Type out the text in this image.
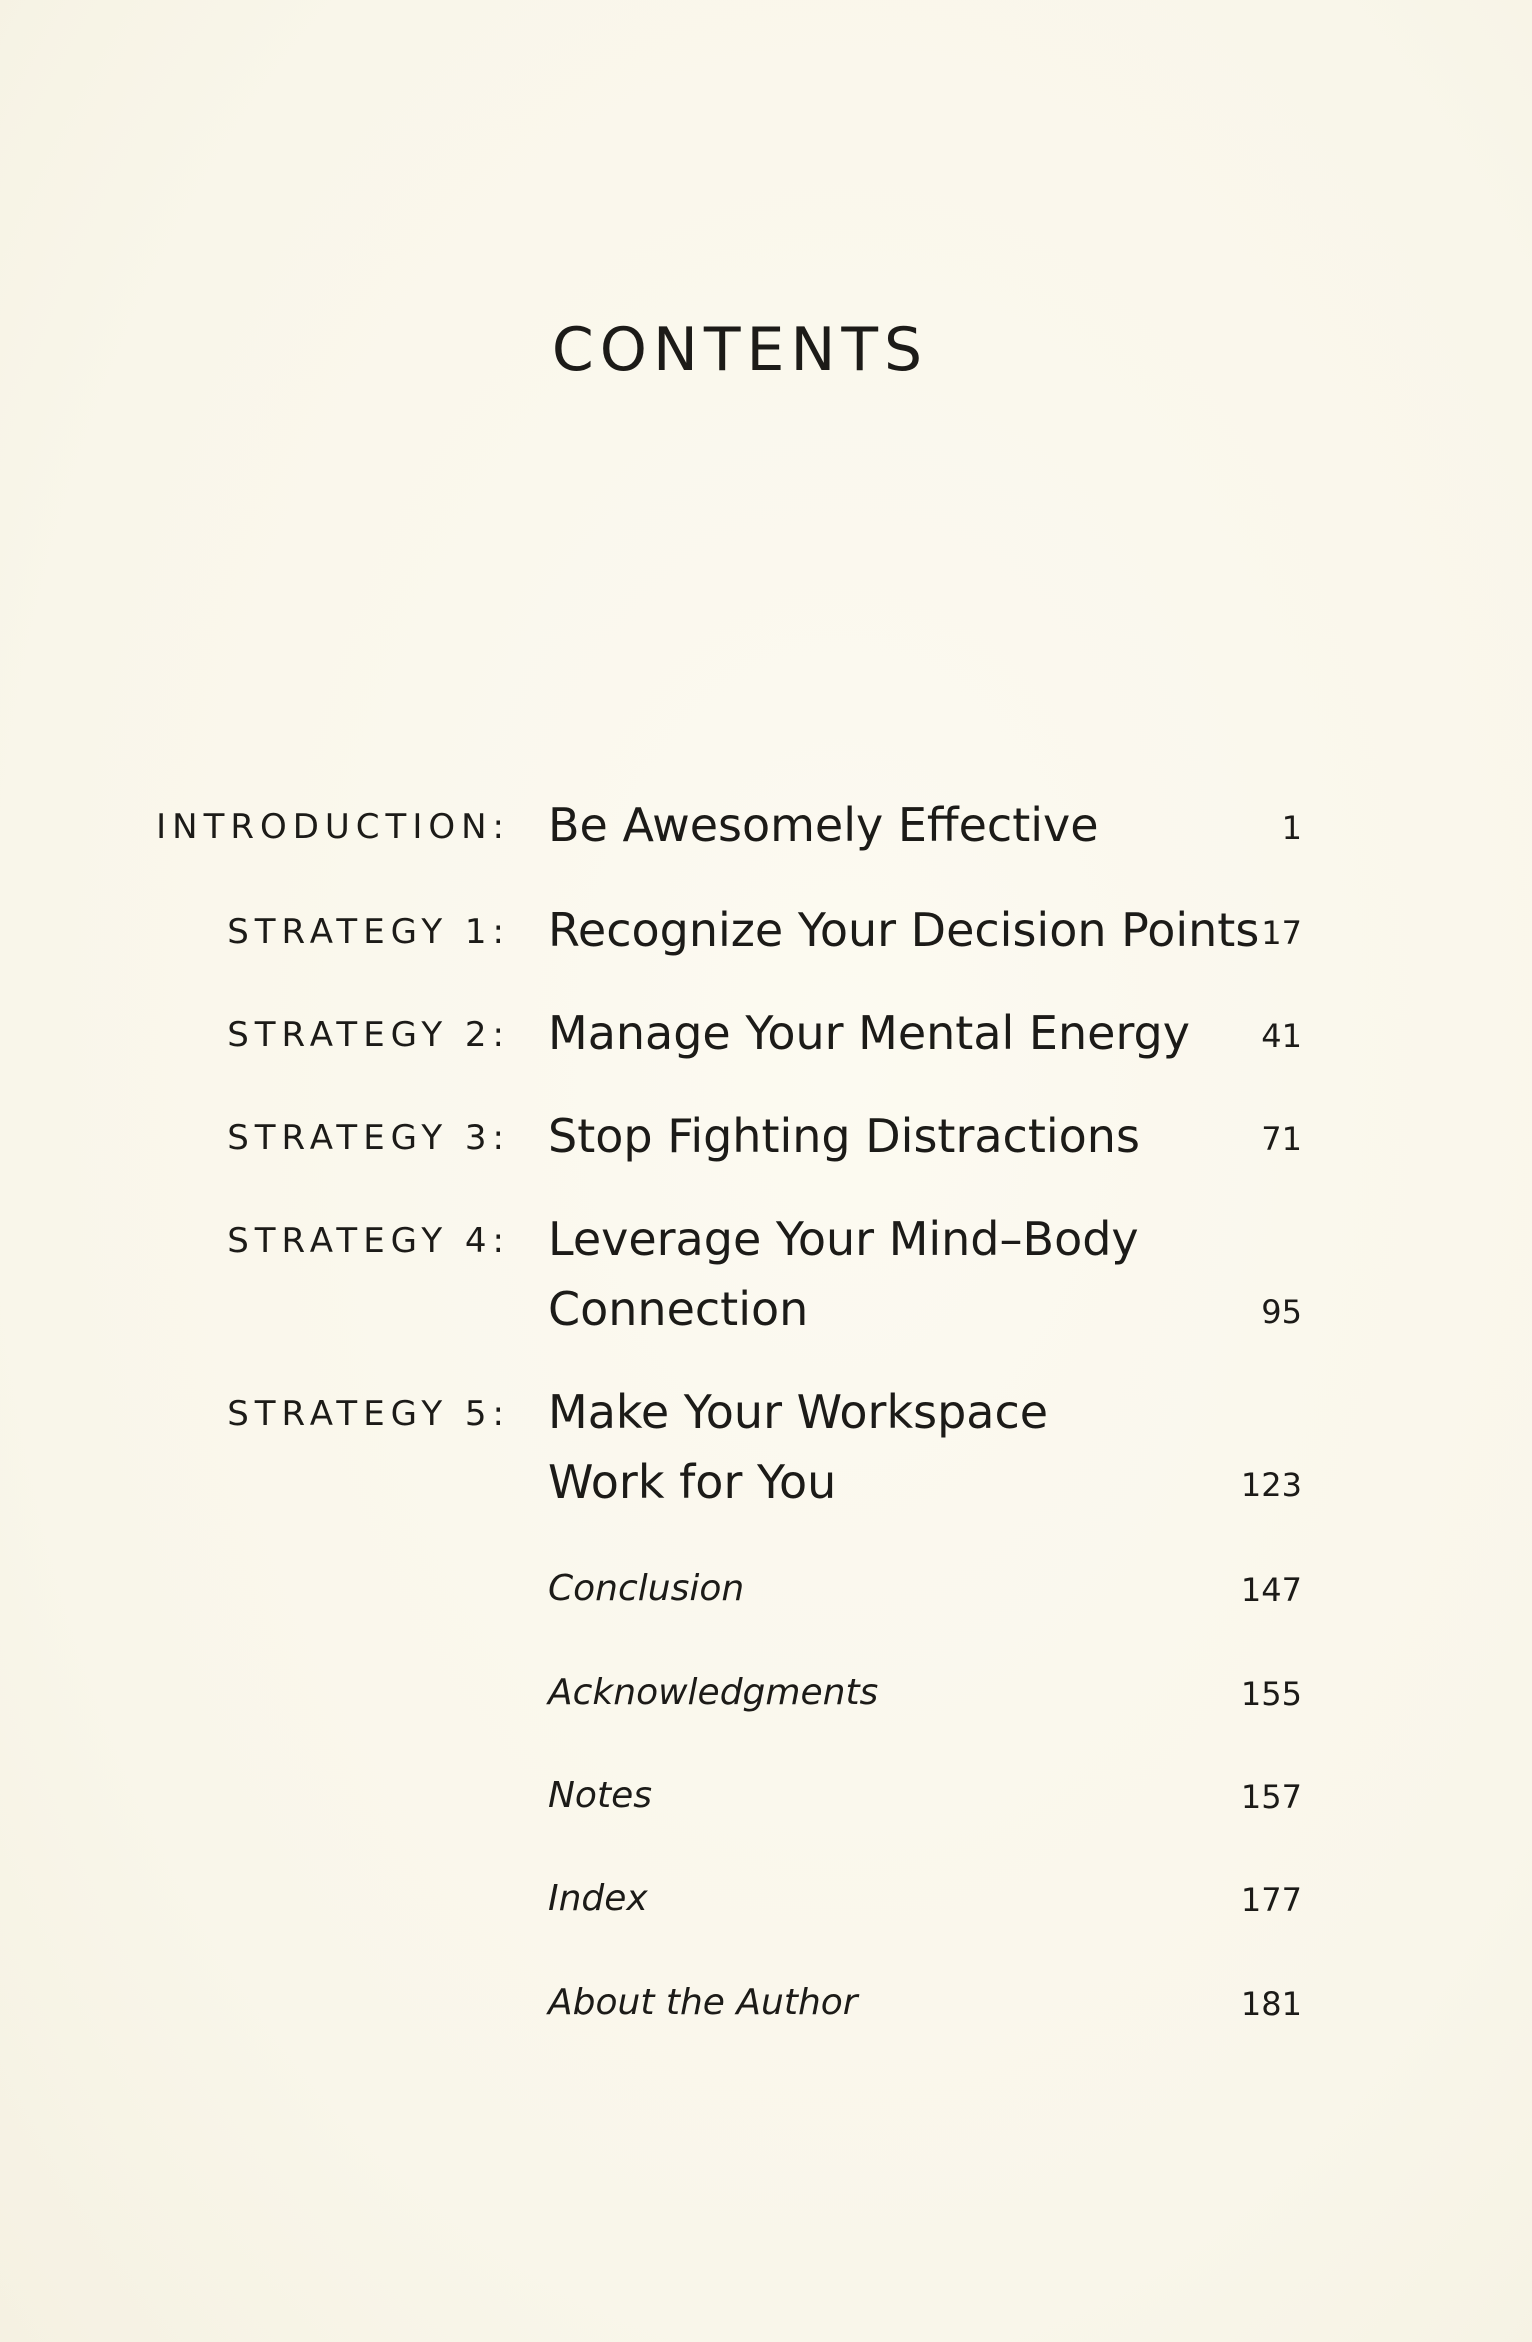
CONTENTS
INTRODUCTION: Be Awesomely Effective	1
STRATEGY 1: Recognize Your Decision Points 17
STRATEGY 2: Manage Your Mental Energy 41
STRATEGY 3: Stop Fighting Distractions	71
STRATEGY 4: Leverage Your Mind–Body
Connection	95
STRATEGY 5: Make Your Workspace
Work for You	123
Conclusion	147
Acknowledgments	155
Notes	157
Index	177
About the Author	181
